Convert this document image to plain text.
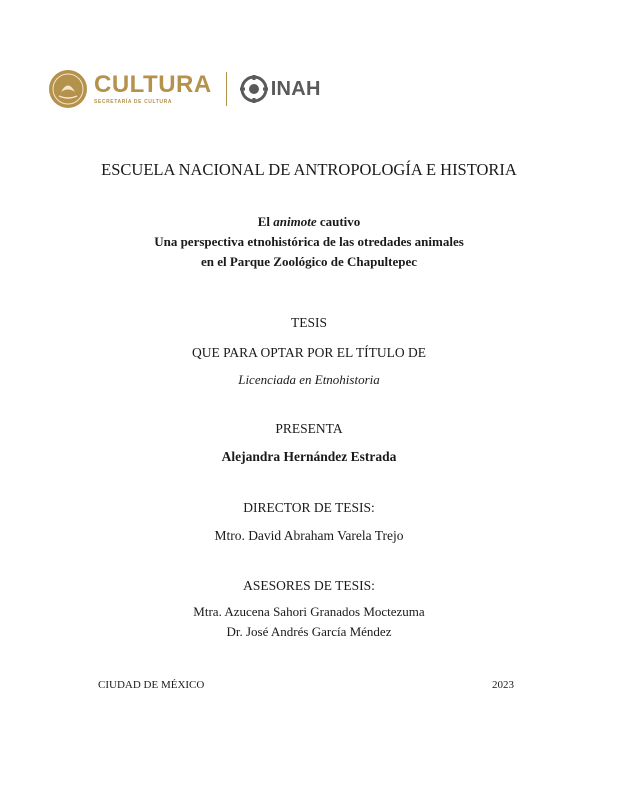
CULTURA
SECRETARÍA DE CULTURA
INAH
ESCUELA NACIONAL DE ANTROPOLOGÍA E HISTORIA
El animote cautivo
Una perspectiva etnohistórica de las otredades animales
en el Parque Zoológico de Chapultepec
TESIS
QUE PARA OPTAR POR EL TÍTULO DE
Licenciada en Etnohistoria
PRESENTA
Alejandra Hernández Estrada
DIRECTOR DE TESIS:
Mtro. David Abraham Varela Trejo
ASESORES DE TESIS:
Mtra. Azucena Sahori Granados Moctezuma
Dr. José Andrés García Méndez
CIUDAD DE MÉXICO	2023
